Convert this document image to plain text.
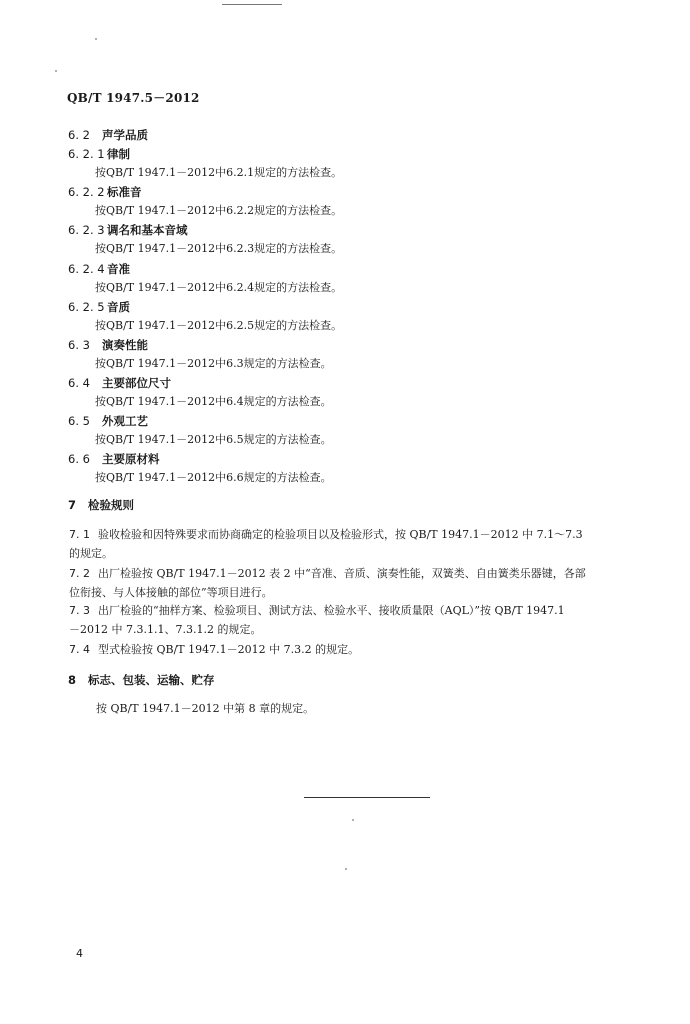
QB/T 1947.5－2012
6. 2 声学品质
6. 2. 1 律制
按QB/T 1947.1－2012中6.2.1规定的方法检查。
6. 2. 2 标准音
按QB/T 1947.1－2012中6.2.2规定的方法检查。
6. 2. 3 调名和基本音域
按QB/T 1947.1－2012中6.2.3规定的方法检查。
6. 2. 4 音准
按QB/T 1947.1－2012中6.2.4规定的方法检查。
6. 2. 5 音质
按QB/T 1947.1－2012中6.2.5规定的方法检查。
6. 3 演奏性能
按QB/T 1947.1－2012中6.3规定的方法检查。
6. 4 主要部位尺寸
按QB/T 1947.1－2012中6.4规定的方法检查。
6. 5 外观工艺
按QB/T 1947.1－2012中6.5规定的方法检查。
6. 6 主要原材料
按QB/T 1947.1－2012中6.6规定的方法检查。
7 检验规则
7. 1 验收检验和因特殊要求而协商确定的检验项目以及检验形式，按 QB/T 1947.1－2012 中 7.1～7.3
的规定。
7. 2 出厂检验按 QB/T 1947.1－2012 表 2 中“音准、音质、演奏性能，双簧类、自由簧类乐器键，各部
位衔接、与人体接触的部位”等项目进行。
7. 3 出厂检验的“抽样方案、检验项目、测试方法、检验水平、接收质量限（AQL）”按 QB/T 1947.1
－2012 中 7.3.1.1、7.3.1.2 的规定。
7. 4 型式检验按 QB/T 1947.1－2012 中 7.3.2 的规定。
8 标志、包装、运输、贮存
按 QB/T 1947.1－2012 中第 8 章的规定。
4
